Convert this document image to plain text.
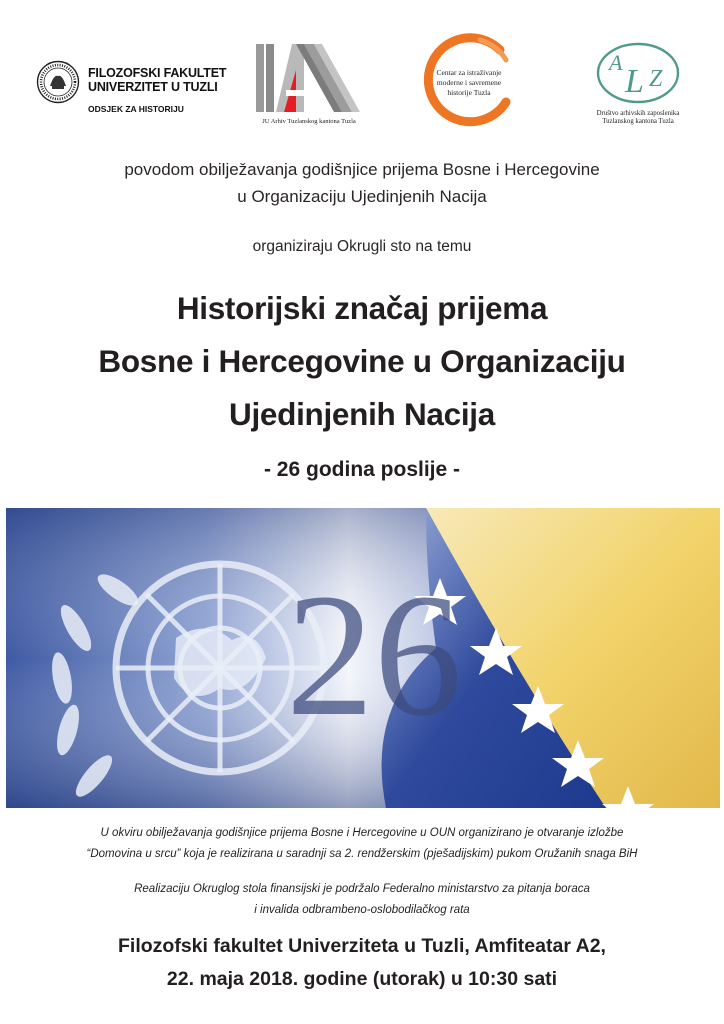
FILOZOFSKI FAKULTET
UNIVERZITET U TUZLI
ODSJEK ZA HISTORIJU
JU Arhiv Tuzlanskog kantona Tuzla
Centar za istraživanje
moderne i savremene
historije Tuzla
A
L Z
Društvo arhivskih zaposlenika
Tuzlanskog kantona Tuzla
povodom obilježavanja godišnjice prijema Bosne i Hercegovine
u Organizaciju Ujedinjenih Nacija
organiziraju Okrugli sto na temu
Historijski značaj prijema
Bosne i Hercegovine u Organizaciju
Ujedinjenih Nacija
- 26 godina poslije -
26
U okviru obilježavanja godišnjice prijema Bosne i Hercegovine u OUN organizirano je otvaranje izložbe
“Domovina u srcu” koja je realizirana u saradnji sa 2. rendžerskim (pješadijskim) pukom Oružanih snaga BiH
Realizaciju Okruglog stola finansijski je podržalo Federalno ministarstvo za pitanja boraca
i invalida odbrambeno-oslobodilačkog rata
Filozofski fakultet Univerziteta u Tuzli, Amfiteatar A2,
22. maja 2018. godine (utorak) u 10:30 sati
